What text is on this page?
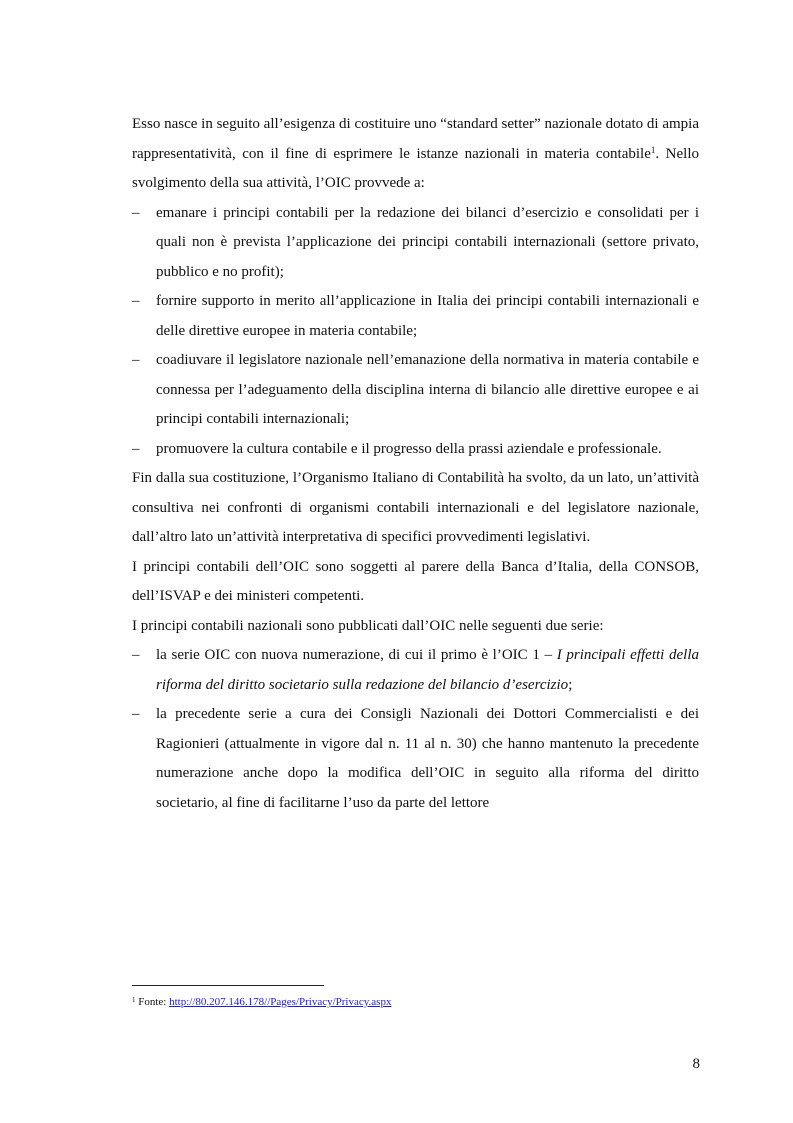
Esso nasce in seguito all’esigenza di costituire uno “standard setter” nazionale dotato di ampia rappresentatività, con il fine di esprimere le istanze nazionali in materia contabile$^1$. Nello svolgimento della sua attività, l’OIC provvede a:

–	emanare i principi contabili per la redazione dei bilanci d’esercizio e consolidati per i quali non è prevista l’applicazione dei principi contabili internazionali (settore privato, pubblico e no profit);
–	fornire supporto in merito all’applicazione in Italia dei principi contabili internazionali e delle direttive europee in materia contabile;
–	coadiuvare il legislatore nazionale nell’emanazione della normativa in materia contabile e connessa per l’adeguamento della disciplina interna di bilancio alle direttive europee e ai principi contabili internazionali;
–	promuovere la cultura contabile e il progresso della prassi aziendale e professionale.

Fin dalla sua costituzione, l’Organismo Italiano di Contabilità ha svolto, da un lato, un’attività consultiva nei confronti di organismi contabili internazionali e del legislatore nazionale, dall’altro lato un’attività interpretativa di specifici provvedimenti legislativi.

I principi contabili dell’OIC sono soggetti al parere della Banca d’Italia, della CONSOB, dell’ISVAP e dei ministeri competenti.

I principi contabili nazionali sono pubblicati dall’OIC nelle seguenti due serie:

–	la serie OIC con nuova numerazione, di cui il primo è l’OIC 1 – I principali effetti della riforma del diritto societario sulla redazione del bilancio d’esercizio;
–	la precedente serie a cura dei Consigli Nazionali dei Dottori Commercialisti e dei Ragionieri (attualmente in vigore dal n. 11 al n. 30) che hanno mantenuto la precedente numerazione anche dopo la modifica dell’OIC in seguito alla riforma del diritto societario, al fine di facilitarne l’uso da parte del lettore
$^1$ Fonte: http://80.207.146.178//Pages/Privacy/Privacy.aspx
8
